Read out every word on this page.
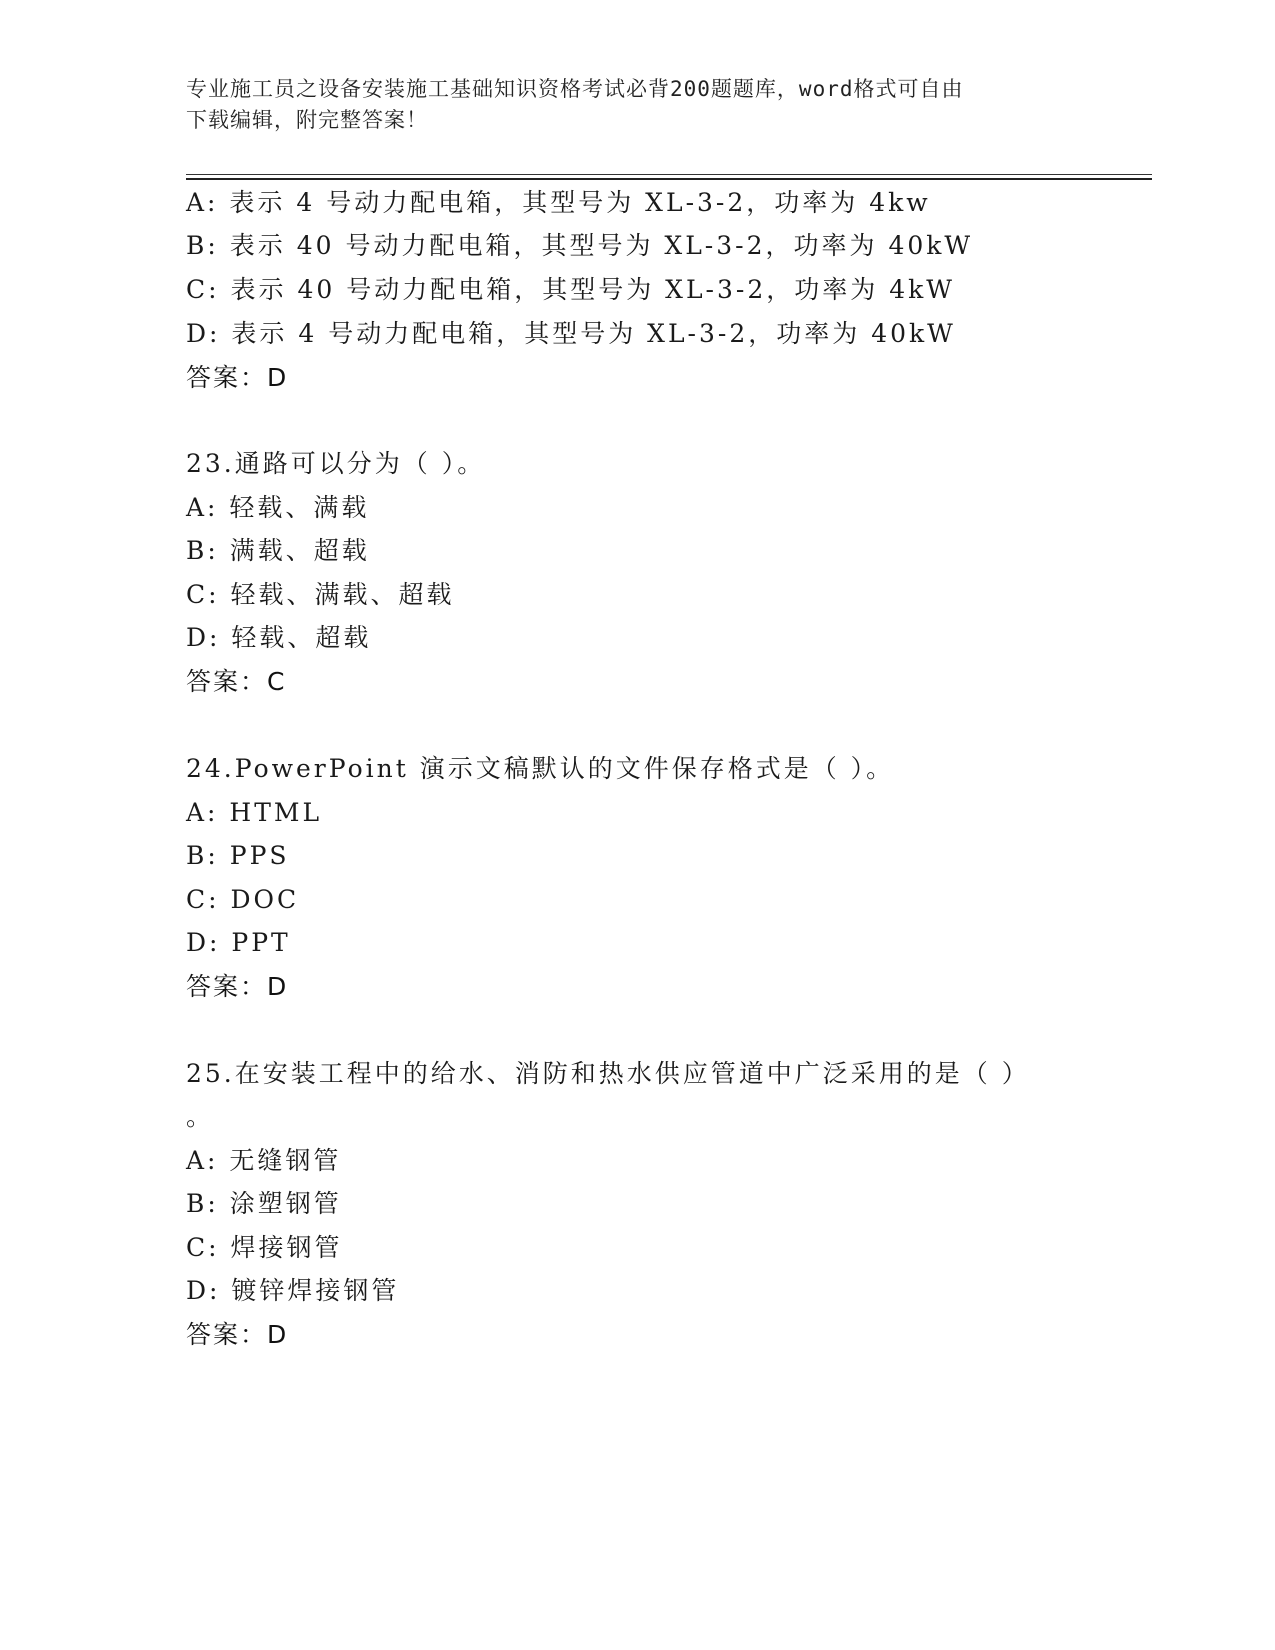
专业施工员之设备安装施工基础知识资格考试必背200题题库，word格式可自由
下载编辑，附完整答案！
A: 表示 4 号动力配电箱，其型号为 XL-3-2，功率为 4kw
B: 表示 40 号动力配电箱，其型号为 XL-3-2，功率为 40kW
C: 表示 40 号动力配电箱，其型号为 XL-3-2，功率为 4kW
D: 表示 4 号动力配电箱，其型号为 XL-3-2，功率为 40kW
答案：D
23.通路可以分为（ ）。
A: 轻载、满载
B: 满载、超载
C: 轻载、满载、超载
D: 轻载、超载
答案：C
24.PowerPoint 演示文稿默认的文件保存格式是（ ）。
A: HTML
B: PPS
C: DOC
D: PPT
答案：D
25.在安装工程中的给水、消防和热水供应管道中广泛采用的是（ ）
。
A: 无缝钢管
B: 涂塑钢管
C: 焊接钢管
D: 镀锌焊接钢管
答案：D
